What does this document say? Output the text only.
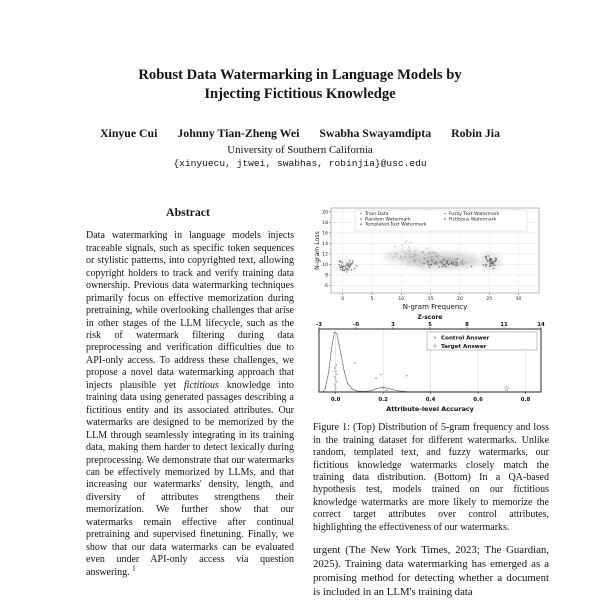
Robust Data Watermarking in Language Models by
Injecting Fictitious Knowledge
Xinyue Cui Johnny Tian-Zheng Wei Swabha Swayamdipta Robin Jia
University of Southern California
{xinyuecu, jtwei, swabhas, robinjia}@usc.edu
Abstract

Data watermarking in language models injects traceable signals, such as specific token sequences or stylistic patterns, into copyrighted text, allowing copyright holders to track and verify training data ownership. Previous data watermarking techniques primarily focus on effective memorization during pretraining, while overlooking challenges that arise in other stages of the LLM lifecycle, such as the risk of watermark filtering during data preprocessing and verification difficulties due to API-only access. To address these challenges, we propose a novel data watermarking approach that injects plausible yet fictitious knowledge into training data using generated passages describing a fictitious entity and its associated attributes. Our watermarks are designed to be memorized by the LLM through seamlessly integrating in its training data, making them harder to detect lexically during preprocessing. We demonstrate that our watermarks can be effectively memorized by LLMs, and that increasing our watermarks' density, length, and diversity of attributes strengthens their memorization. We further show that our watermarks remain effective after continual pretraining and supervised finetuning. Finally, we show that our data watermarks can be evaluated even under API-only access via question answering. $^1$

0	5	10	15	20	25	30
6
8
10
12
14
16
18
20
N-gram Frequency
N-gram Loss
Train Data
Random Watermark
Templated Text Watermark
Fuzzy Text Watermark
Fictitious Watermark
Z-score
-3	-0	3	5	8	11	14
0.0	0.2	0.4	0.6	0.8
☆
Attribute-level Accuracy
Control Answer
☆ Target Answer
Figure 1: (Top) Distribution of 5-gram frequency and loss in the training dataset for different watermarks. Unlike random, templated text, and fuzzy watermarks, our fictitious knowledge watermarks closely match the training data distribution. (Bottom) In a QA-based hypothesis test, models trained on our fictitious knowledge watermarks are more likely to memorize the correct target attributes over control attributes, highlighting the effectiveness of our watermarks.

urgent (The New York Times, 2023; The Guardian, 2025). Training data watermarking has emerged as a promising method for detecting whether a document is included in an LLM's training data
